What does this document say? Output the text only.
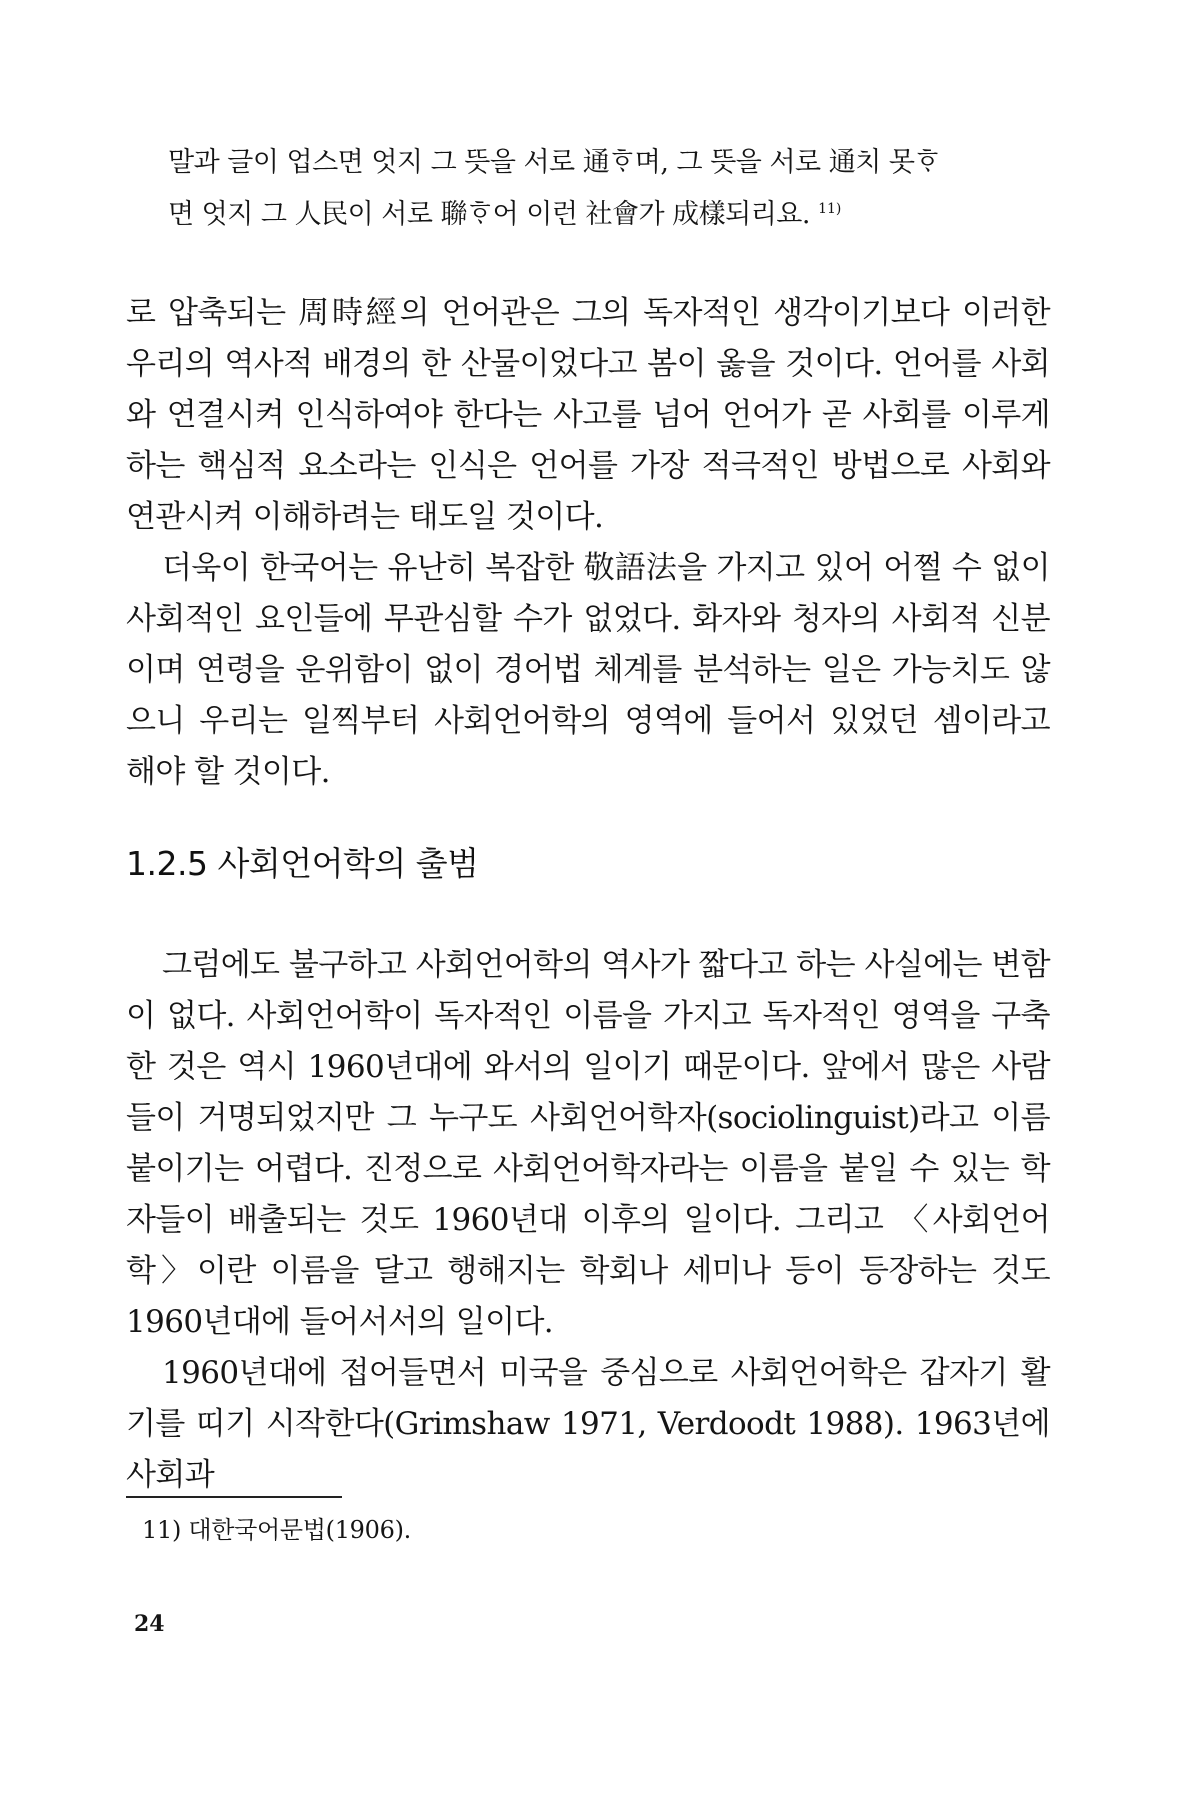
말과 글이 업스면 엇지 그 뜻을 서로 通ᄒᆞ며, 그 뜻을 서로 通치 못ᄒᆞ

면 엇지 그 人民이 서로 聯ᄒᆞ어 이런 社會가 成樣되리요. $^{11)}$

로 압축되는 周時經의 언어관은 그의 독자적인 생각이기보다 이러한 우리의 역사적 배경의 한 산물이었다고 봄이 옳을 것이다. 언어를 사회와 연결시켜 인식하여야 한다는 사고를 넘어 언어가 곧 사회를 이루게 하는 핵심적 요소라는 인식은 언어를 가장 적극적인 방법으로 사회와 연관시켜 이해하려는 태도일 것이다.

더욱이 한국어는 유난히 복잡한 敬語法을 가지고 있어 어쩔 수 없이 사회적인 요인들에 무관심할 수가 없었다. 화자와 청자의 사회적 신분이며 연령을 운위함이 없이 경어법 체계를 분석하는 일은 가능치도 않으니 우리는 일찍부터 사회언어학의 영역에 들어서 있었던 셈이라고 해야 할 것이다.

1.2.5 사회언어학의 출범

그럼에도 불구하고 사회언어학의 역사가 짧다고 하는 사실에는 변함이 없다. 사회언어학이 독자적인 이름을 가지고 독자적인 영역을 구축한 것은 역시 1960년대에 와서의 일이기 때문이다. 앞에서 많은 사람들이 거명되었지만 그 누구도 사회언어학자(sociolinguist)라고 이름붙이기는 어렵다. 진정으로 사회언어학자라는 이름을 붙일 수 있는 학자들이 배출되는 것도 1960년대 이후의 일이다. 그리고 〈사회언어학〉이란 이름을 달고 행해지는 학회나 세미나 등이 등장하는 것도 1960년대에 들어서서의 일이다.

1960년대에 접어들면서 미국을 중심으로 사회언어학은 갑자기 활기를 띠기 시작한다(Grimshaw 1971, Verdoodt 1988). 1963년에 사회과

11) 대한국어문법(1906).
24
